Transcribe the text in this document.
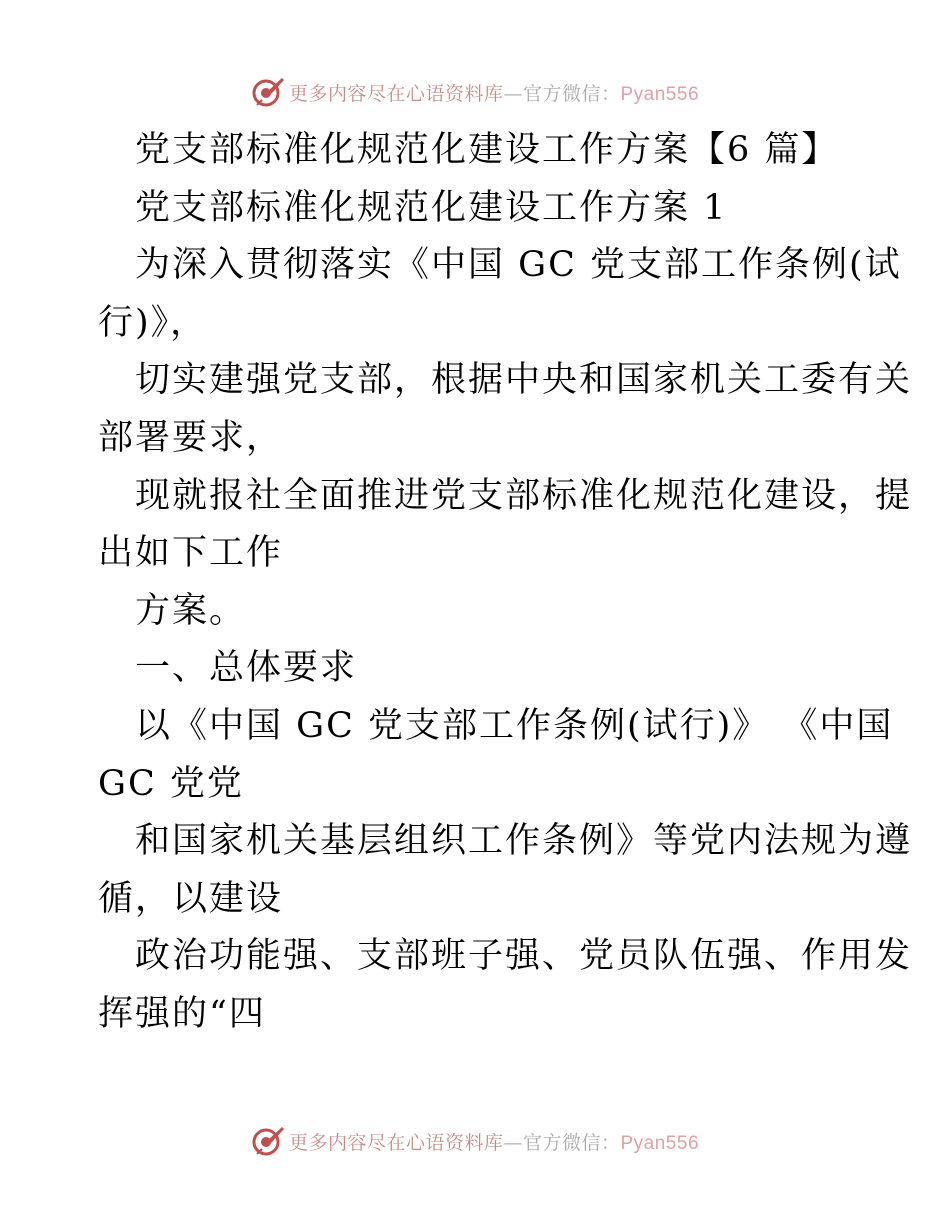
更多内容尽在心语资料库—官方微信：Pyan556
党支部标准化规范化建设工作方案【6 篇】
党支部标准化规范化建设工作方案 1
为深入贯彻落实《中国 GC 党支部工作条例(试
行)》，
切实建强党支部，根据中央和国家机关工委有关
部署要求，
现就报社全面推进党支部标准化规范化建设，提
出如下工作
方案。
一、总体要求
以《中国 GC 党支部工作条例(试行)》 《中国
GC 党党
和国家机关基层组织工作条例》等党内法规为遵
循，以建设
政治功能强、支部班子强、党员队伍强、作用发
挥强的“四
更多内容尽在心语资料库—官方微信：Pyan556
